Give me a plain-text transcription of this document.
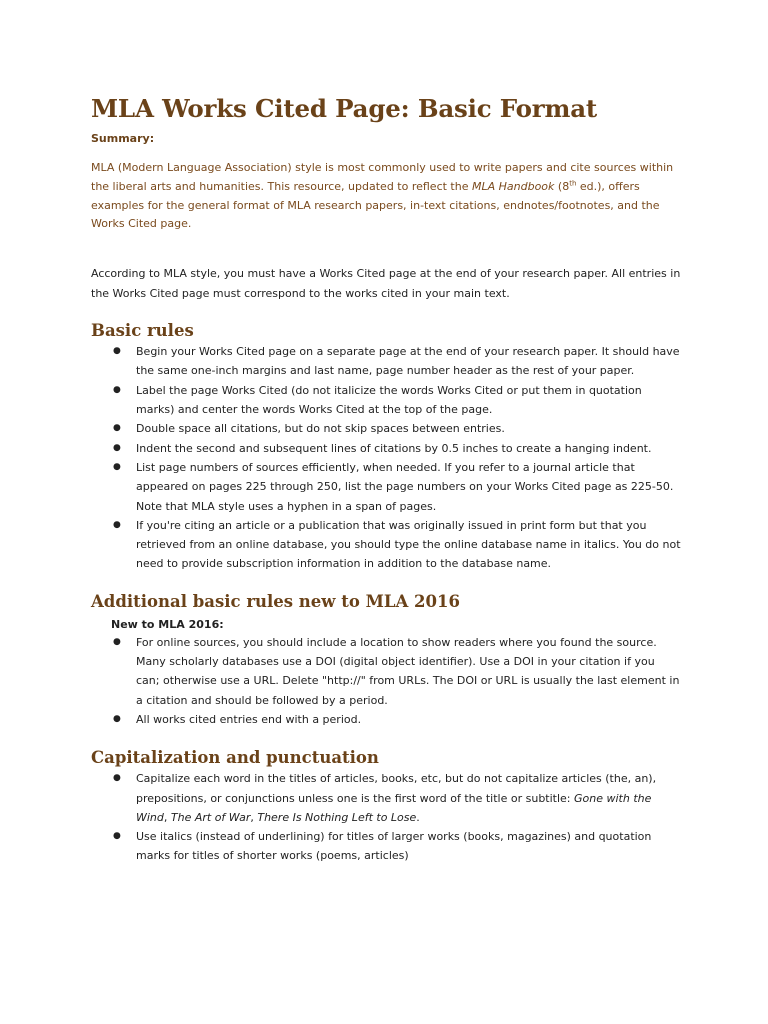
MLA Works Cited Page: Basic Format
Summary:
MLA (Modern Language Association) style is most commonly used to write papers and cite sources within the liberal arts and humanities. This resource, updated to reflect the MLA Handbook (8th ed.), offers examples for the general format of MLA research papers, in-text citations, endnotes/footnotes, and the Works Cited page.
According to MLA style, you must have a Works Cited page at the end of your research paper. All entries in the Works Cited page must correspond to the works cited in your main text.
Basic rules
● Begin your Works Cited page on a separate page at the end of your research paper. It should have the same one-inch margins and last name, page number header as the rest of your paper.
● Label the page Works Cited (do not italicize the words Works Cited or put them in quotation marks) and center the words Works Cited at the top of the page.
● Double space all citations, but do not skip spaces between entries.
● Indent the second and subsequent lines of citations by 0.5 inches to create a hanging indent.
● List page numbers of sources efficiently, when needed. If you refer to a journal article that appeared on pages 225 through 250, list the page numbers on your Works Cited page as 225-50. Note that MLA style uses a hyphen in a span of pages.
● If you're citing an article or a publication that was originally issued in print form but that you retrieved from an online database, you should type the online database name in italics. You do not need to provide subscription information in addition to the database name.
Additional basic rules new to MLA 2016
New to MLA 2016:
● For online sources, you should include a location to show readers where you found the source. Many scholarly databases use a DOI (digital object identifier). Use a DOI in your citation if you can; otherwise use a URL. Delete "http://" from URLs. The DOI or URL is usually the last element in a citation and should be followed by a period.
● All works cited entries end with a period.
Capitalization and punctuation
● Capitalize each word in the titles of articles, books, etc, but do not capitalize articles (the, an), prepositions, or conjunctions unless one is the first word of the title or subtitle: Gone with the Wind, The Art of War, There Is Nothing Left to Lose.
● Use italics (instead of underlining) for titles of larger works (books, magazines) and quotation marks for titles of shorter works (poems, articles)
